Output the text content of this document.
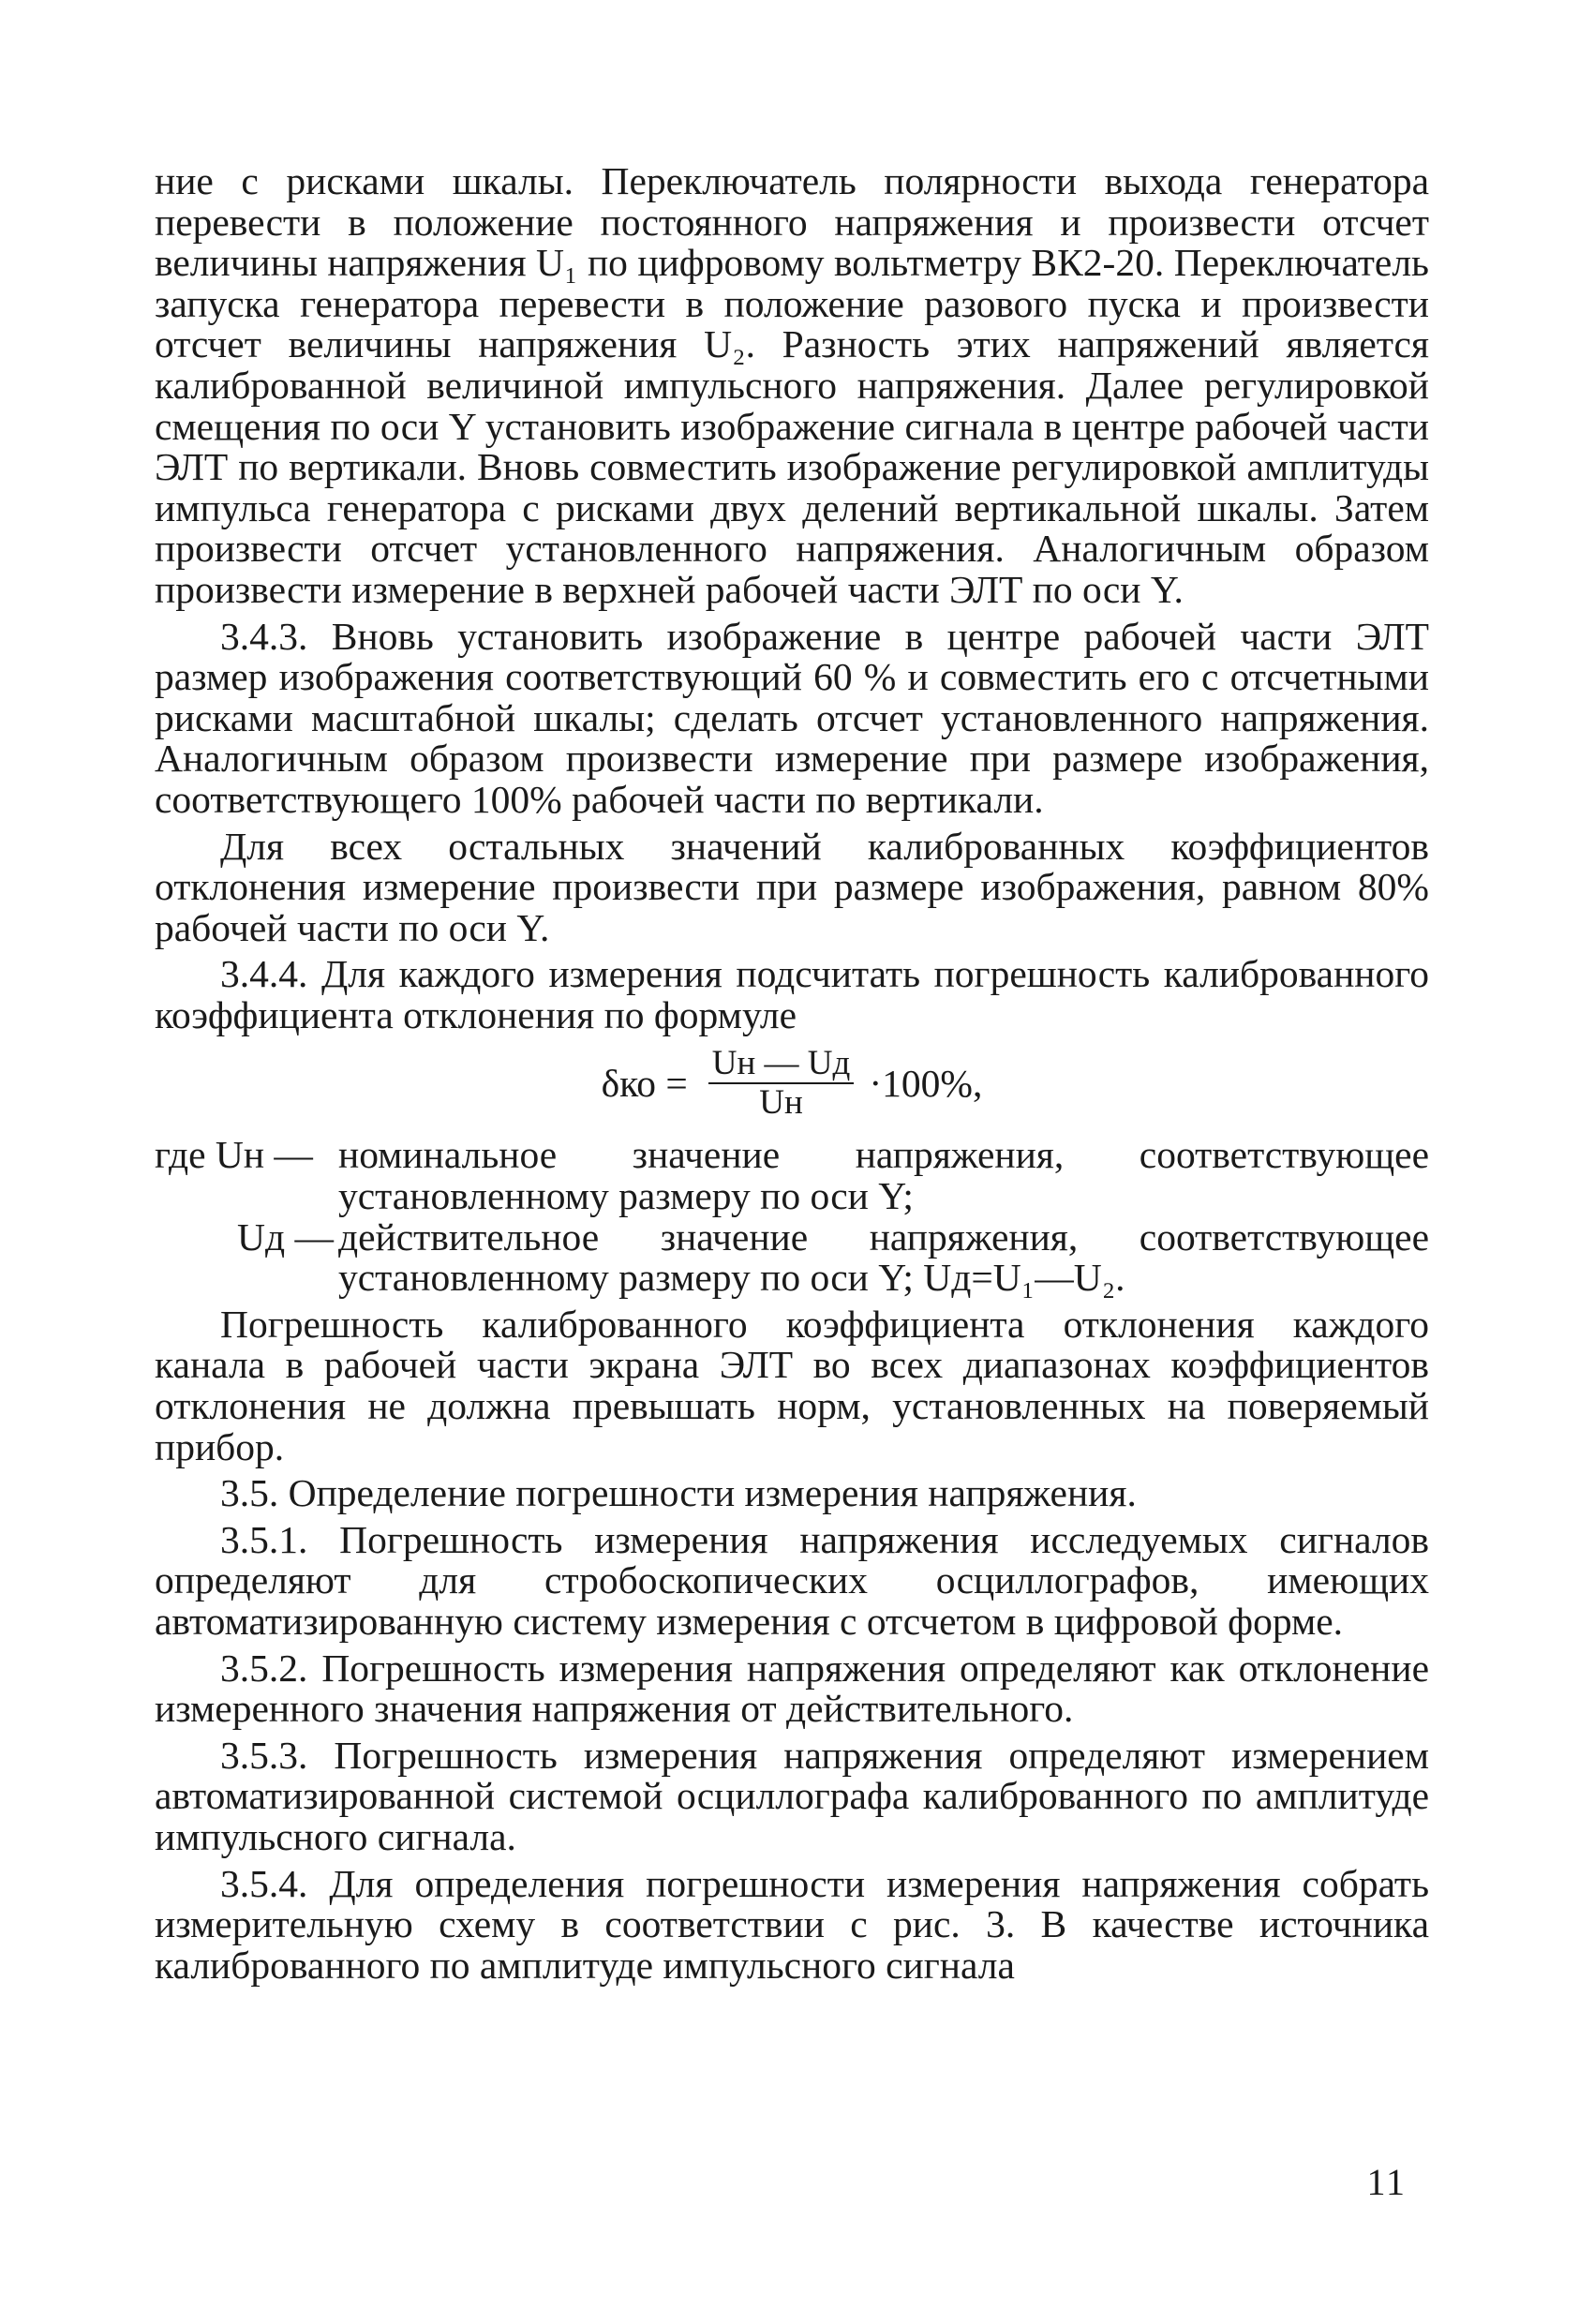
ние с рисками шкалы. Переключатель полярности выхода генератора перевести в положение постоянного напряжения и произвести отсчет величины напряжения U₁ по цифровому вольтметру ВК2-20. Переключатель запуска генератора перевести в положение разового пуска и произвести отсчет величины напряжения U₂. Разность этих напряжений является калиброванной величиной импульсного напряжения. Далее регулировкой смещения по оси Y установить изображение сигнала в центре рабочей части ЭЛТ по вертикали. Вновь совместить изображение регулировкой амплитуды импульса генератора с рисками двух делений вертикальной шкалы. Затем произвести отсчет установленного напряжения. Аналогичным образом произвести измерение в верхней рабочей части ЭЛТ по оси Y.

3.4.3. Вновь установить изображение в центре рабочей части ЭЛТ размер изображения соответствующий 60 % и совместить его с отсчетными рисками масштабной шкалы; сделать отсчет установленного напряжения. Аналогичным образом произвести измерение при размере изображения, соответствующего 100% рабочей части по вертикали.

Для всех остальных значений калиброванных коэффициентов отклонения измерение произвести при размере изображения, равном 80% рабочей части по оси Y.

3.4.4. Для каждого измерения подсчитать погрешность калиброванного коэффициента отклонения по формуле

$\delta ко = \frac{Uн — Uд}{Uн} \cdot 100\%$,
где Uн — номинальное значение напряжения, соответствующее установленному размеру по оси Y;
Uд — действительное значение напряжения, соответствующее установленному размеру по оси Y; Uд=U₁—U₂.

Погрешность калиброванного коэффициента отклонения каждого канала в рабочей части экрана ЭЛТ во всех диапазонах коэффициентов отклонения не должна превышать норм, установленных на поверяемый прибор.

3.5. Определение погрешности измерения напряжения.

3.5.1. Погрешность измерения напряжения исследуемых сигналов определяют для стробоскопических осциллографов, имеющих автоматизированную систему измерения с отсчетом в цифровой форме.

3.5.2. Погрешность измерения напряжения определяют как отклонение измеренного значения напряжения от действительного.

3.5.3. Погрешность измерения напряжения определяют измерением автоматизированной системой осциллографа калиброванного по амплитуде импульсного сигнала.

3.5.4. Для определения погрешности измерения напряжения собрать измерительную схему в соответствии с рис. 3. В качестве источника калиброванного по амплитуде импульсного сигнала

11
